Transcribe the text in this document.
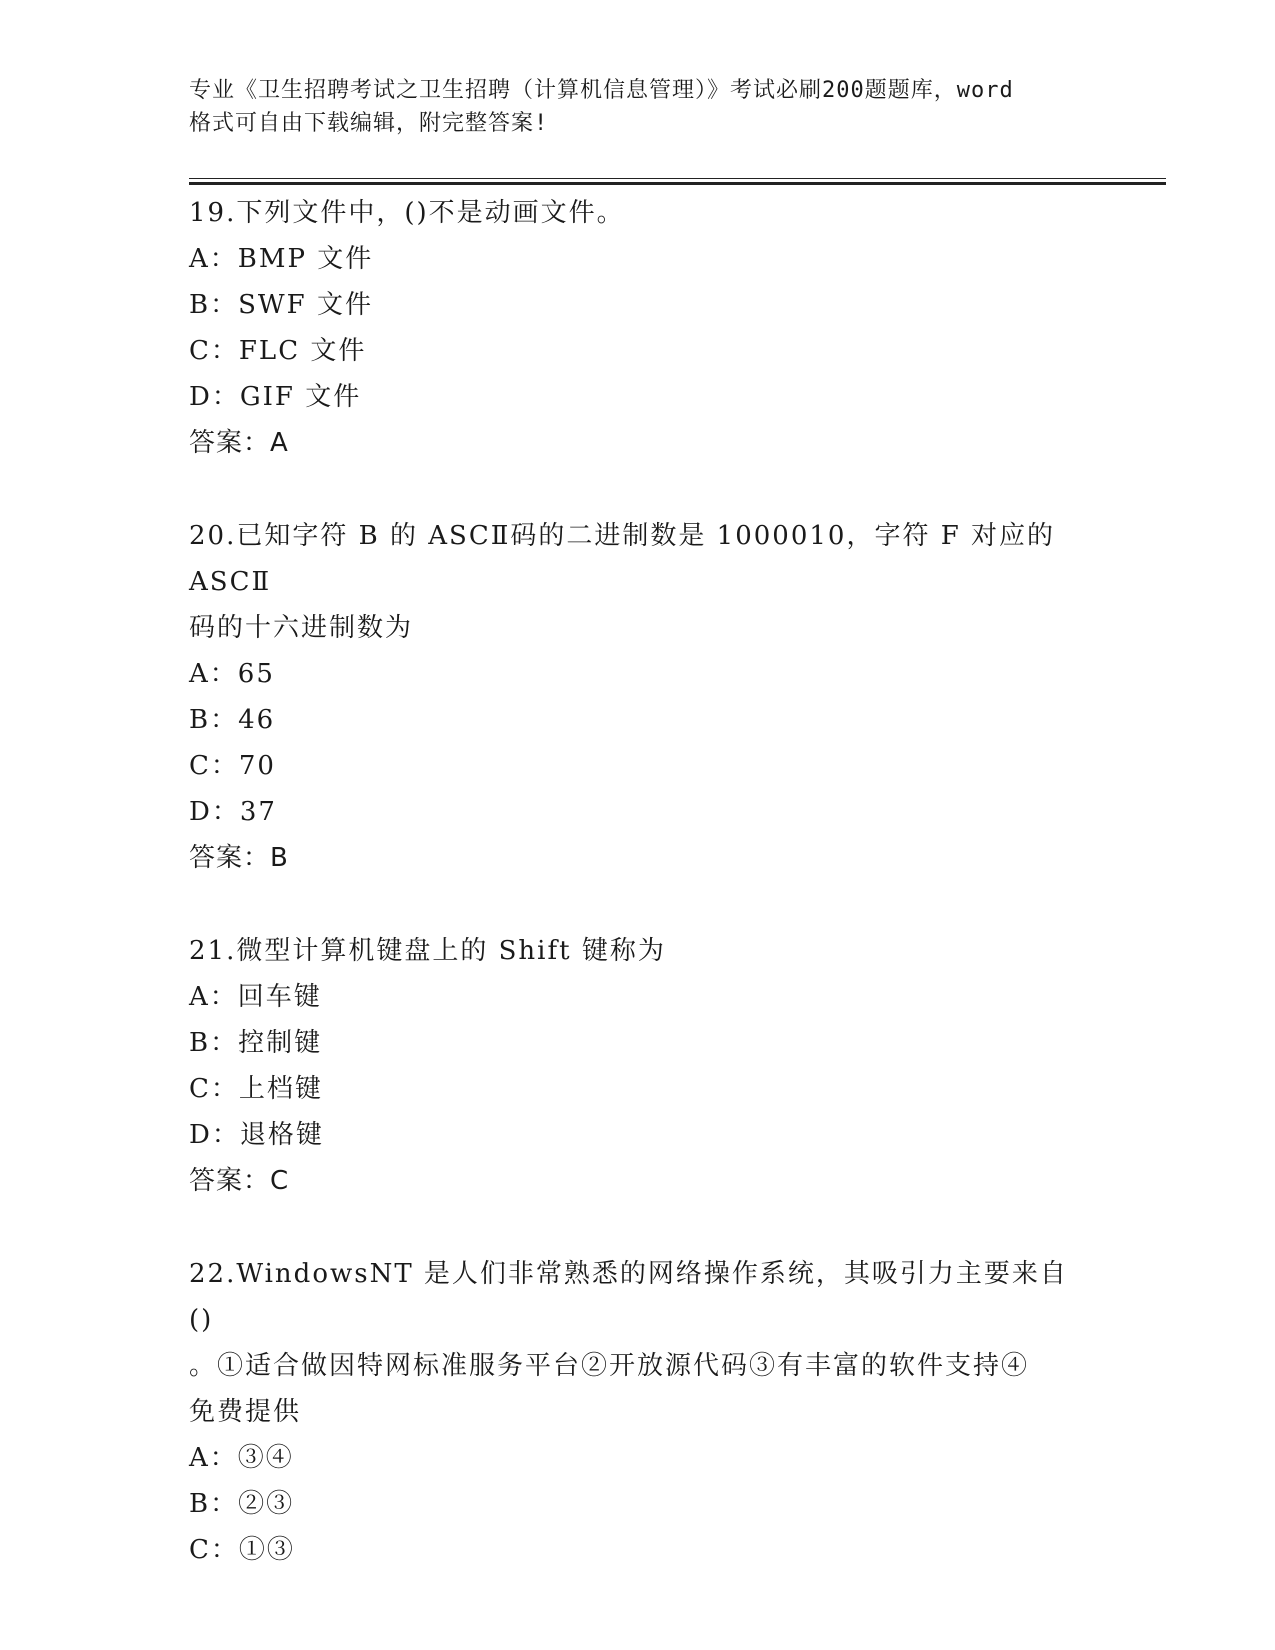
专业《卫生招聘考试之卫生招聘（计算机信息管理）》考试必刷200题题库，word
格式可自由下载编辑，附完整答案!
19.下列文件中，()不是动画文件。
A：BMP 文件
B：SWF 文件
C：FLC 文件
D：GIF 文件
答案：A
20.已知字符 B 的 ASCⅡ码的二进制数是 1000010，字符 F 对应的 ASCⅡ
码的十六进制数为
A：65
B：46
C：70
D：37
答案：B
21.微型计算机键盘上的 Shift 键称为
A：回车键
B：控制键
C：上档键
D：退格键
答案：C
22.WindowsNT 是人们非常熟悉的网络操作系统，其吸引力主要来自()
。①适合做因特网标准服务平台②开放源代码③有丰富的软件支持④
免费提供
A：③④
B：②③
C：①③
